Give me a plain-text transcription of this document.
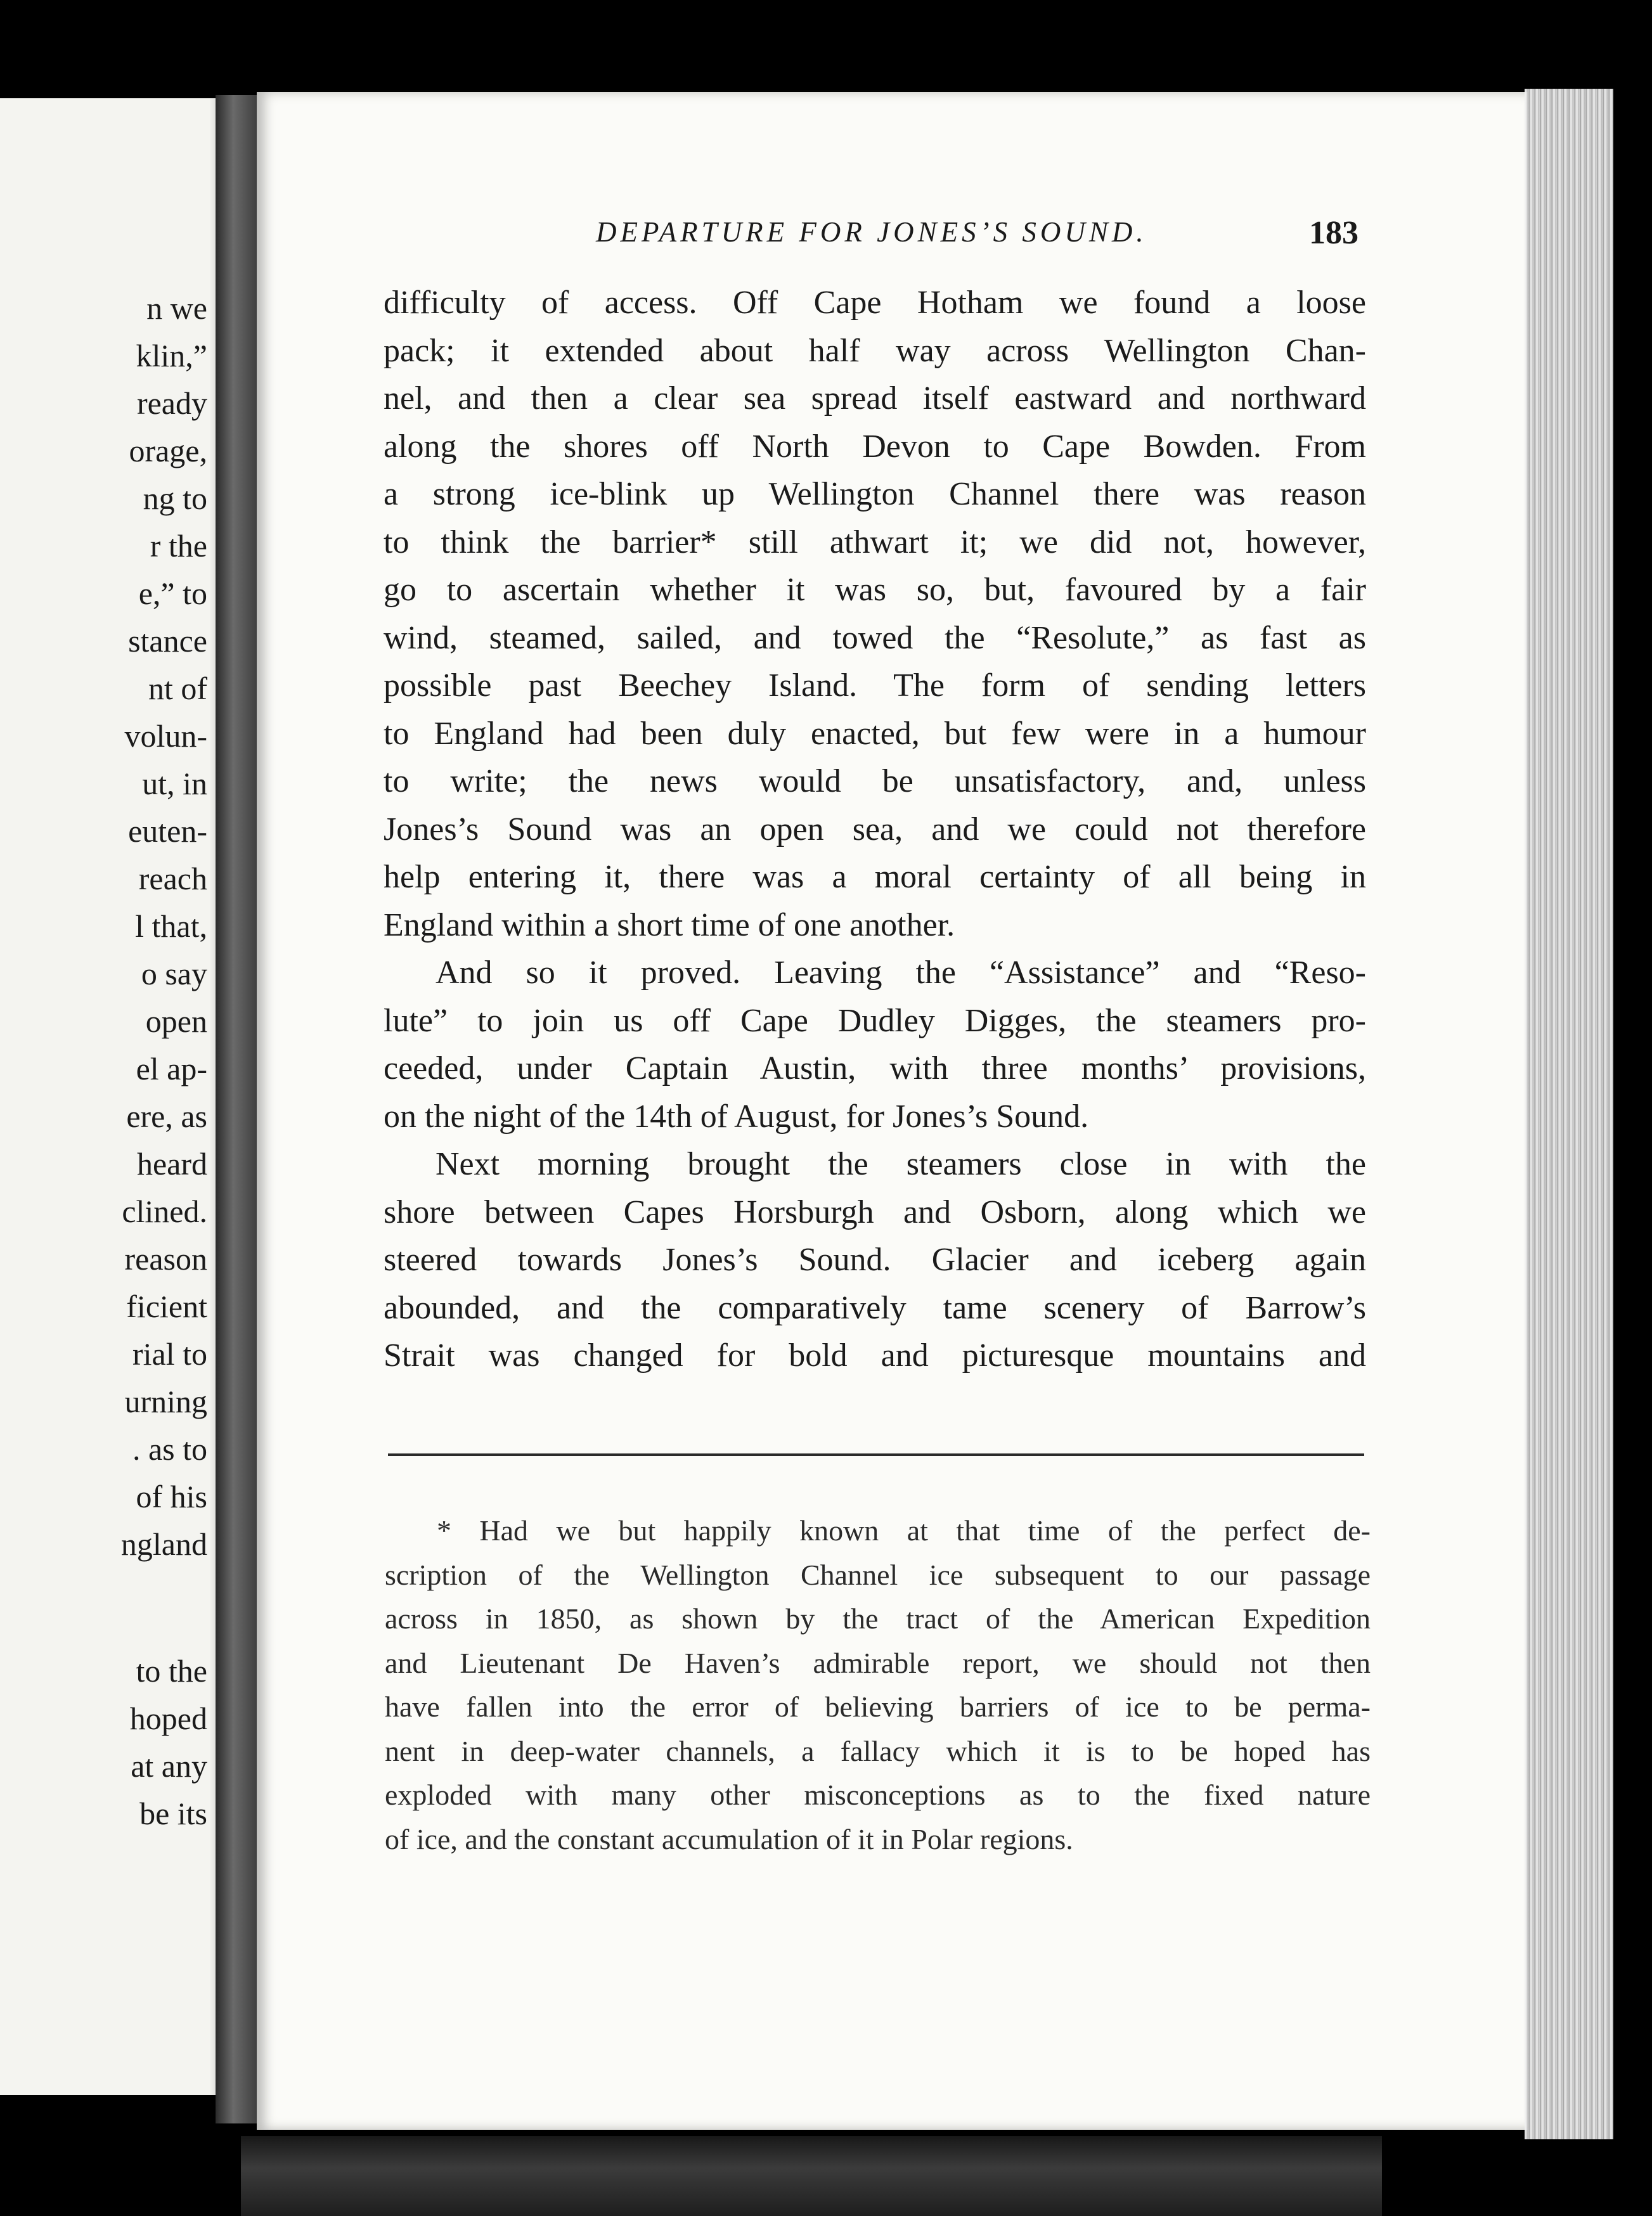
n we
klin,”
ready
orage,
ng to
r the
e,” to
stance
nt of
volun-
ut, in
euten-
reach
l that,
o say
open
el ap-
ere, as
heard
clined.
reason
ficient
rial to
urning
. as to
of his
ngland
to the
hoped
at any
be its
DEPARTURE FOR JONES’S SOUND.	183
difficulty of access. Off Cape Hotham we found a loose
pack; it extended about half way across Wellington Chan-
nel, and then a clear sea spread itself eastward and northward
along the shores off North Devon to Cape Bowden. From
a strong ice-blink up Wellington Channel there was reason
to think the barrier* still athwart it; we did not, however,
go to ascertain whether it was so, but, favoured by a fair
wind, steamed, sailed, and towed the “Resolute,” as fast as
possible past Beechey Island. The form of sending letters
to England had been duly enacted, but few were in a humour
to write; the news would be unsatisfactory, and, unless
Jones’s Sound was an open sea, and we could not therefore
help entering it, there was a moral certainty of all being in
England within a short time of one another.
And so it proved. Leaving the “Assistance” and “Reso-
lute” to join us off Cape Dudley Digges, the steamers pro-
ceeded, under Captain Austin, with three months’ provisions,
on the night of the 14th of August, for Jones’s Sound.
Next morning brought the steamers close in with the
shore between Capes Horsburgh and Osborn, along which we
steered towards Jones’s Sound. Glacier and iceberg again
abounded, and the comparatively tame scenery of Barrow’s
Strait was changed for bold and picturesque mountains and
* Had we but happily known at that time of the perfect de-
scription of the Wellington Channel ice subsequent to our passage
across in 1850, as shown by the tract of the American Expedition
and Lieutenant De Haven’s admirable report, we should not then
have fallen into the error of believing barriers of ice to be perma-
nent in deep-water channels, a fallacy which it is to be hoped has
exploded with many other misconceptions as to the fixed nature
of ice, and the constant accumulation of it in Polar regions.
